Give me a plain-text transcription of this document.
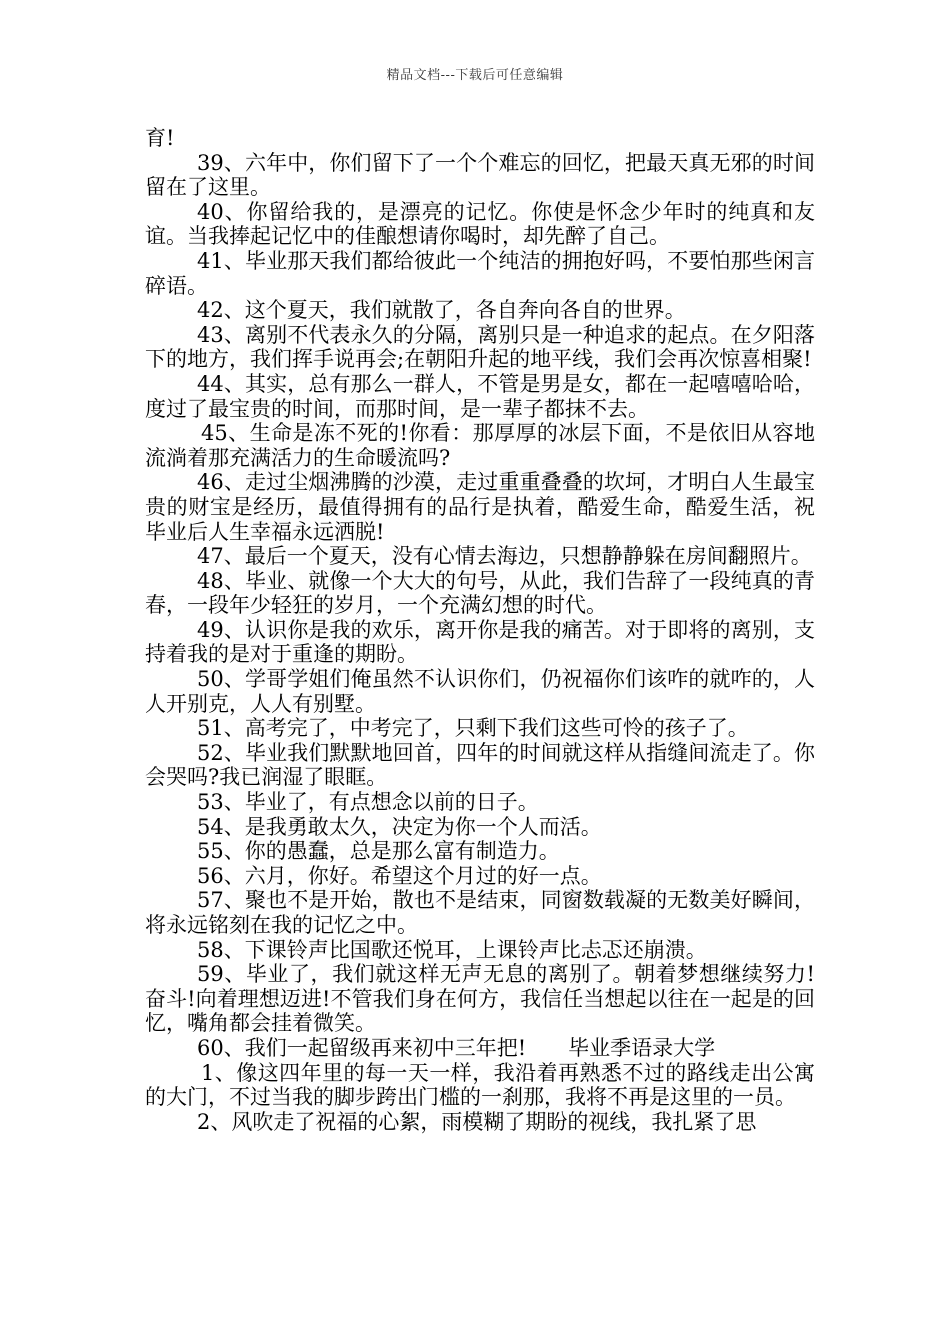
精品文档---下载后可任意编辑

育!

39、六年中，你们留下了一个个难忘的回忆，把最天真无邪的时间留在了这里。

40、你留给我的，是漂亮的记忆。你使是怀念少年时的纯真和友谊。当我捧起记忆中的佳酿想请你喝时，却先醉了自己。

41、毕业那天我们都给彼此一个纯洁的拥抱好吗，不要怕那些闲言碎语。

42、这个夏天，我们就散了，各自奔向各自的世界。

43、离别不代表永久的分隔，离别只是一种追求的起点。在夕阳落下的地方，我们挥手说再会;在朝阳升起的地平线，我们会再次惊喜相聚!

44、其实，总有那么一群人，不管是男是女，都在一起嘻嘻哈哈，度过了最宝贵的时间，而那时间，是一辈子都抹不去。

45、生命是冻不死的!你看：那厚厚的冰层下面，不是依旧从容地流淌着那充满活力的生命暖流吗?

46、走过尘烟沸腾的沙漠，走过重重叠叠的坎坷，才明白人生最宝贵的财宝是经历，最值得拥有的品行是执着，酷爱生命，酷爱生活，祝毕业后人生幸福永远洒脱!

47、最后一个夏天，没有心情去海边，只想静静躲在房间翻照片。

48、毕业、就像一个大大的句号，从此，我们告辞了一段纯真的青春，一段年少轻狂的岁月，一个充满幻想的时代。

49、认识你是我的欢乐，离开你是我的痛苦。对于即将的离别，支持着我的是对于重逢的期盼。

50、学哥学姐们俺虽然不认识你们，仍祝福你们该咋的就咋的，人人开别克，人人有别墅。

51、高考完了，中考完了，只剩下我们这些可怜的孩子了。

52、毕业我们默默地回首，四年的时间就这样从指缝间流走了。你会哭吗?我已润湿了眼眶。

53、毕业了，有点想念以前的日子。

54、是我勇敢太久，决定为你一个人而活。

55、你的愚蠢，总是那么富有制造力。

56、六月，你好。希望这个月过的好一点。

57、聚也不是开始，散也不是结束，同窗数载凝的无数美好瞬间，将永远铭刻在我的记忆之中。

58、下课铃声比国歌还悦耳，上课铃声比忐忑还崩溃。

59、毕业了，我们就这样无声无息的离别了。朝着梦想继续努力!奋斗!向着理想迈进!不管我们身在何方，我信任当想起以往在一起是的回忆，嘴角都会挂着微笑。

60、我们一起留级再来初中三年把!　　毕业季语录大学

1、像这四年里的每一天一样，我沿着再熟悉不过的路线走出公寓的大门，不过当我的脚步跨出门槛的一刹那，我将不再是这里的一员。

2、风吹走了祝福的心絮，雨模糊了期盼的视线，我扎紧了思
